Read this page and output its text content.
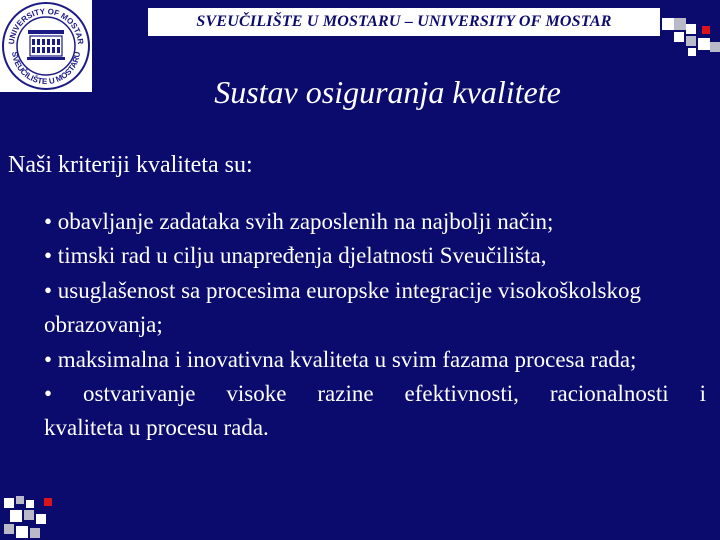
UNIVERSITY OF MOSTAR
SVEUČILIŠTE U MOSTARU
SVEUČILIŠTE U MOSTARU – UNIVERSITY OF MOSTAR
Sustav osiguranja kvalitete
Naši kriteriji kvaliteta su:

• obavljanje zadataka svih zaposlenih na najbolji način;

• timski rad u cilju unapređenja djelatnosti Sveučilišta,

• usuglašenost sa procesima europske integracije visokoškolskog obrazovanja;

• maksimalna i inovativna kvaliteta u svim fazama procesa rada;

• ostvarivanje visoke razine efektivnosti, racionalnosti i

kvaliteta u procesu rada.
